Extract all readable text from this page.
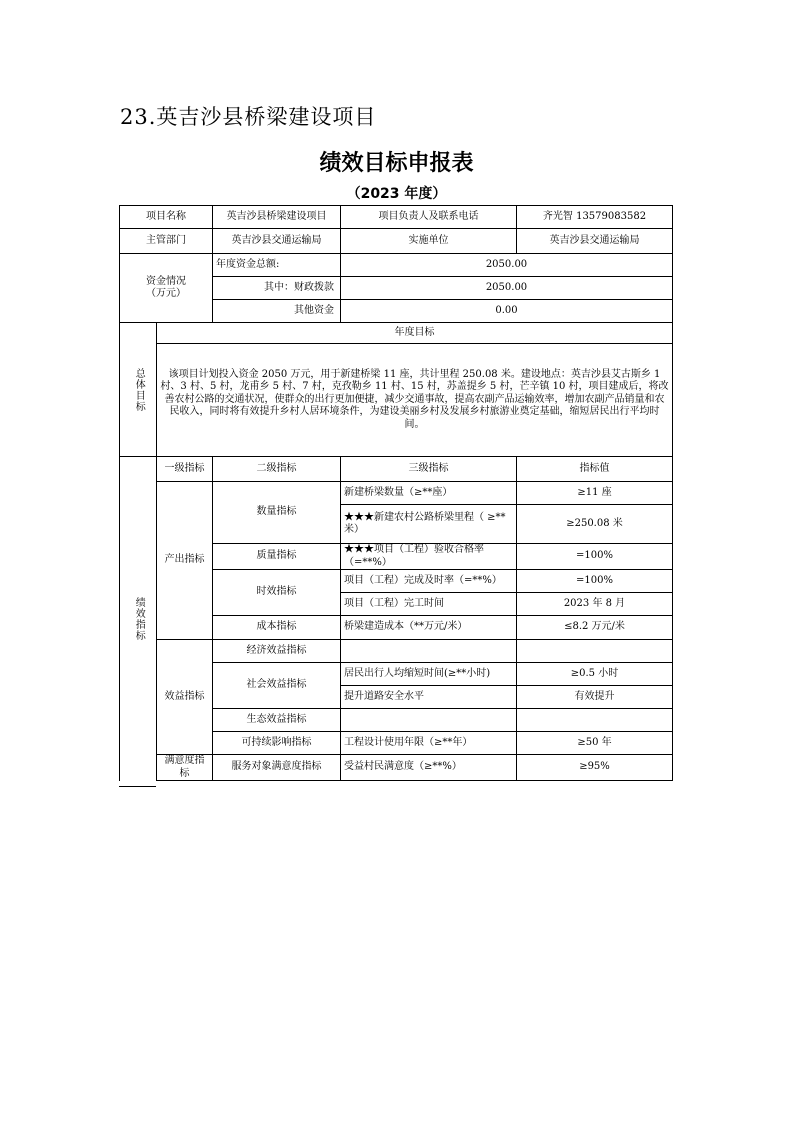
23.英吉沙县桥梁建设项目
绩效目标申报表
（2023 年度）
项目名称		英吉沙县桥梁建设项目	项目负责人及联系电话	齐光智 13579083582
主管部门		英吉沙县交通运输局	实施单位	英吉沙县交通运输局

资金情况
（万元）		年度资金总额:	2050.00	
		其中：财政拨款	2050.00	
		其他资金	0.00	

总体目标	年度目标			
	该项目计划投入资金 2050 万元，用于新建桥梁 11 座，共计里程 250.08 米。建设地点：英吉沙县艾古斯乡 1 村、3 村、5 村，龙甫乡 5 村、7 村，克孜勒乡 11 村、15 村，苏盖提乡 5 村，芒辛镇 10 村，项目建成后，将改善农村公路的交通状况，使群众的出行更加便捷，减少交通事故，提高农副产品运输效率，增加农副产品销量和农民收入，同时将有效提升乡村人居环境条件，为建设美丽乡村及发展乡村旅游业奠定基础，缩短居民出行平均时间。			

绩效指标	一级指标	二级指标	三级指标	指标值
	产出指标	数量指标	新建桥梁数量（≥**座）	≥11 座
			★★★新建农村公路桥梁里程（ ≥**米）	≥250.08 米
		质量指标	★★★项目（工程）验收合格率 （=**%）	=100%
		时效指标	项目（工程）完成及时率（=**%）	=100%
			项目（工程）完工时间	2023 年 8 月
		成本指标	桥梁建造成本（**万元/米）	≤8.2 万元/米
	效益指标	经济效益指标		
		社会效益指标	居民出行人均缩短时间(≥**小时)	≥0.5 小时
			提升道路安全水平	有效提升
		生态效益指标		
		可持续影响指标	工程设计使用年限（≥**年）	≥50 年
	满意度指标	服务对象满意度指标	受益村民满意度（≥**%）	≥95%
